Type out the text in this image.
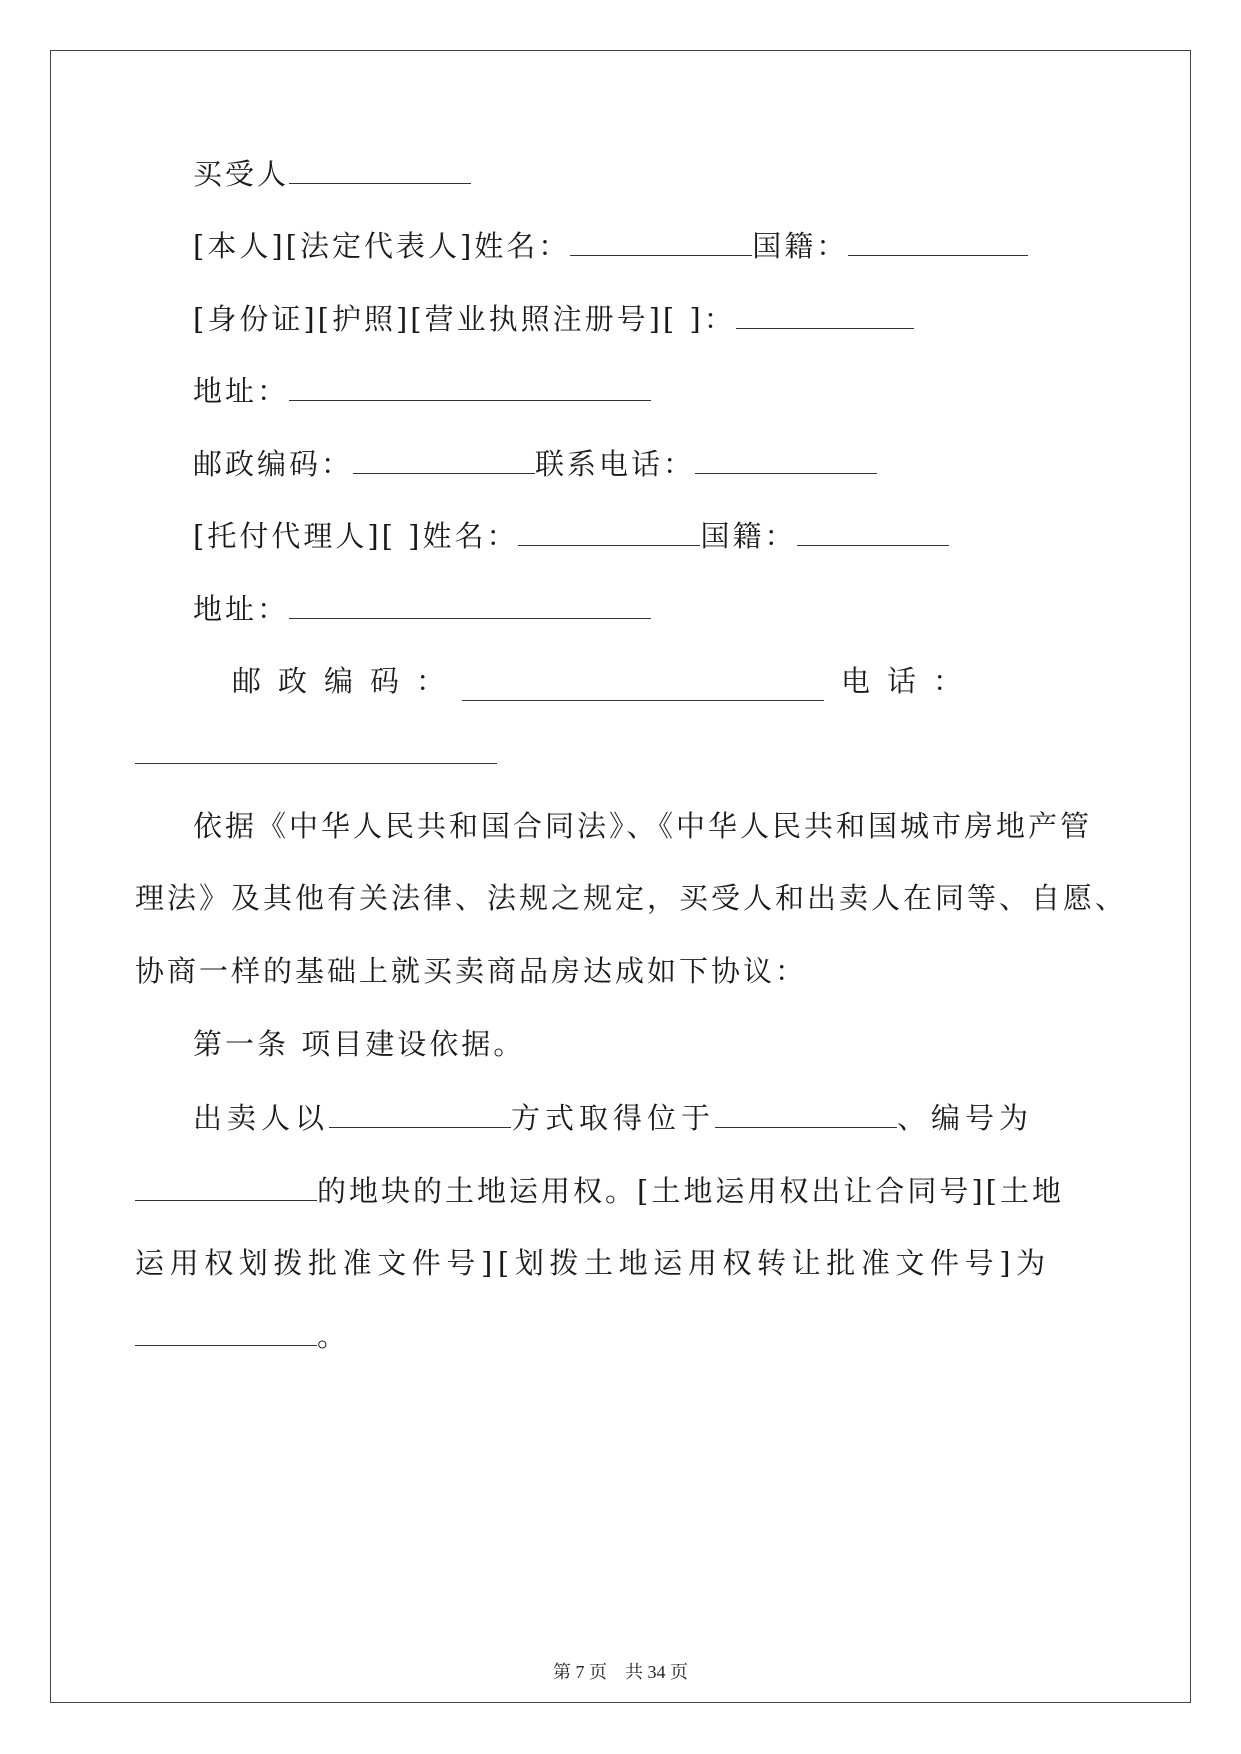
买受人
[本人][法定代表人]姓名：	国籍：
[身份证][护照][营业执照注册号][ ]：
地址：
邮政编码：	联系电话：
[托付代理人][ ]姓名：	国籍：
地址：
邮 政 编 码 ：	电 话 ：
依据《中华人民共和国合同法》、《中华人民共和国城市房地产管
理法》及其他有关法律、法规之规定，买受人和出卖人在同等、自愿、
协商一样的基础上就买卖商品房达成如下协议：
第一条 项目建设依据。
出卖人以	方式取得位于	、编号为
的地块的土地运用权。[土地运用权出让合同号][土地
运用权划拨批准文件号][划拨土地运用权转让批准文件号]为
。
第 7 页　共 34 页
